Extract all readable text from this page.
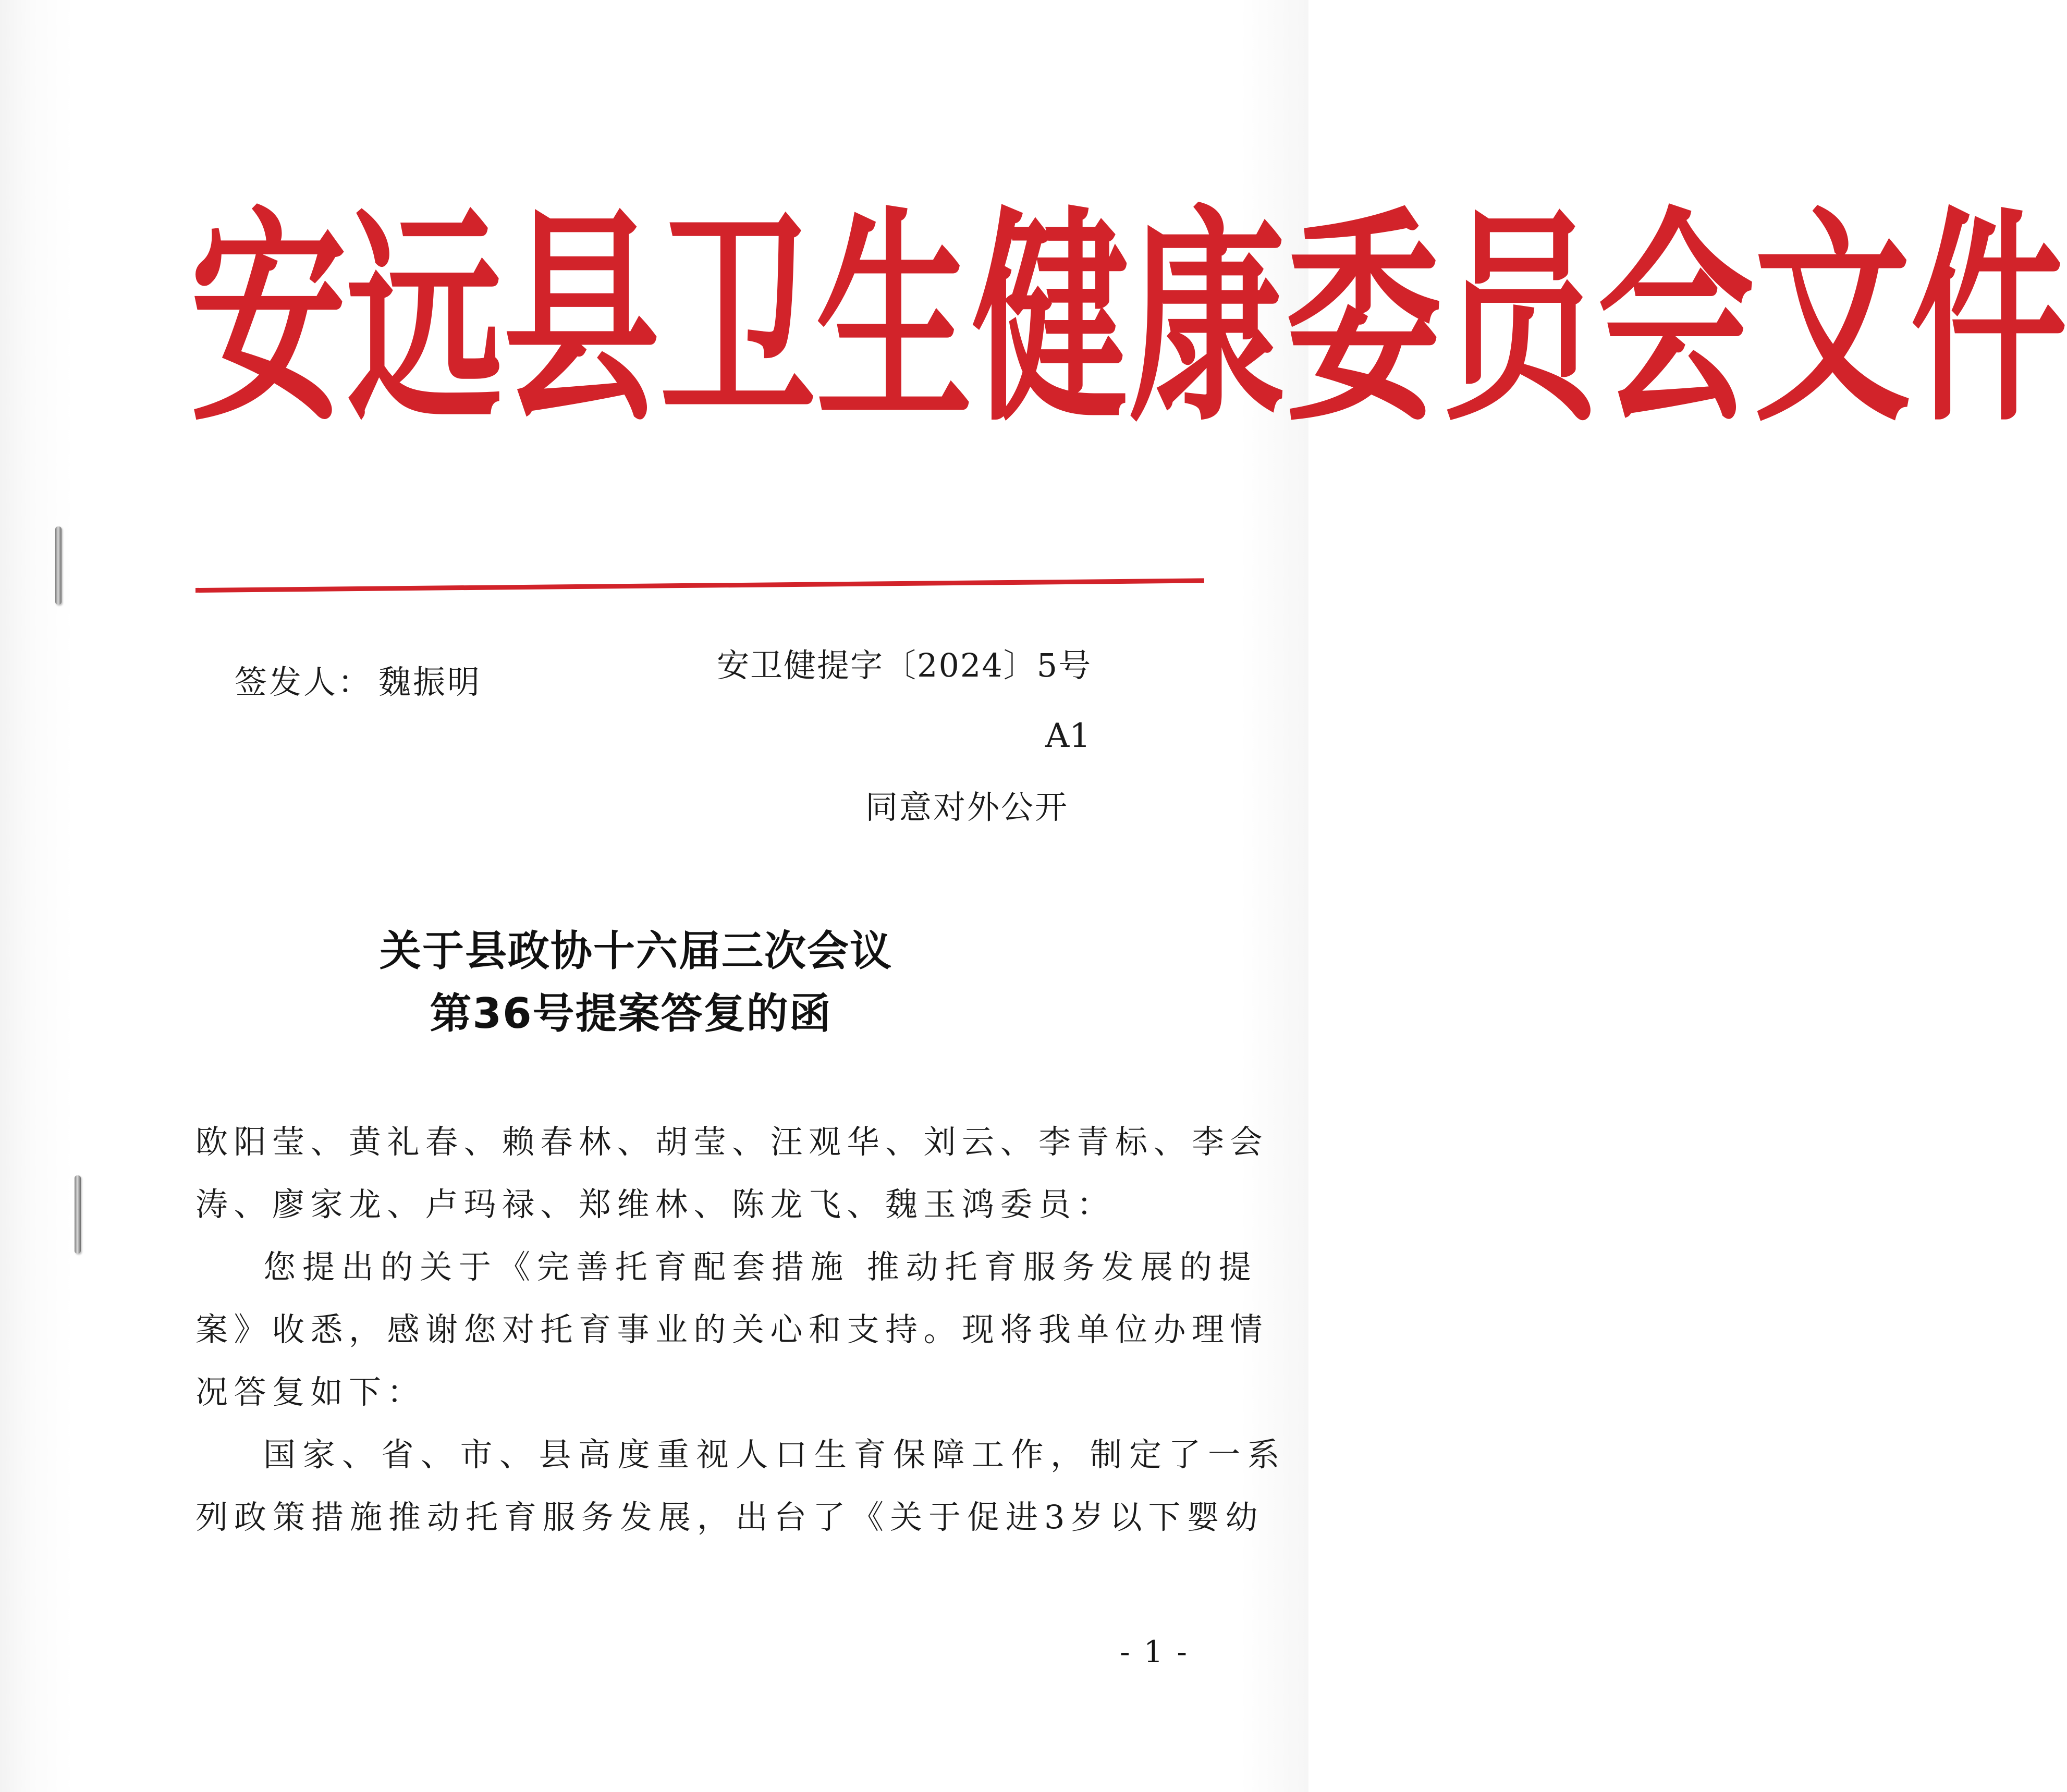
安 远 县 卫 生 健 康 委 员 会 文 件
签发人： 魏振明	安卫健提字〔2024〕5号
A1
同意对外公开
关于县政协十六届三次会议
第36号提案答复的函
欧阳莹、黄礼春、赖春林、胡莹、汪观华、刘云、李青标、李会
涛、廖家龙、卢玛禄、郑维林、陈龙飞、魏玉鸿委员：
您提出的关于《完善托育配套措施 推动托育服务发展的提
案》收悉，感谢您对托育事业的关心和支持。现将我单位办理情
况答复如下：
国家、省、市、县高度重视人口生育保障工作，制定了一系
列政策措施推动托育服务发展，出台了《关于促进3岁以下婴幼
- 1 -
